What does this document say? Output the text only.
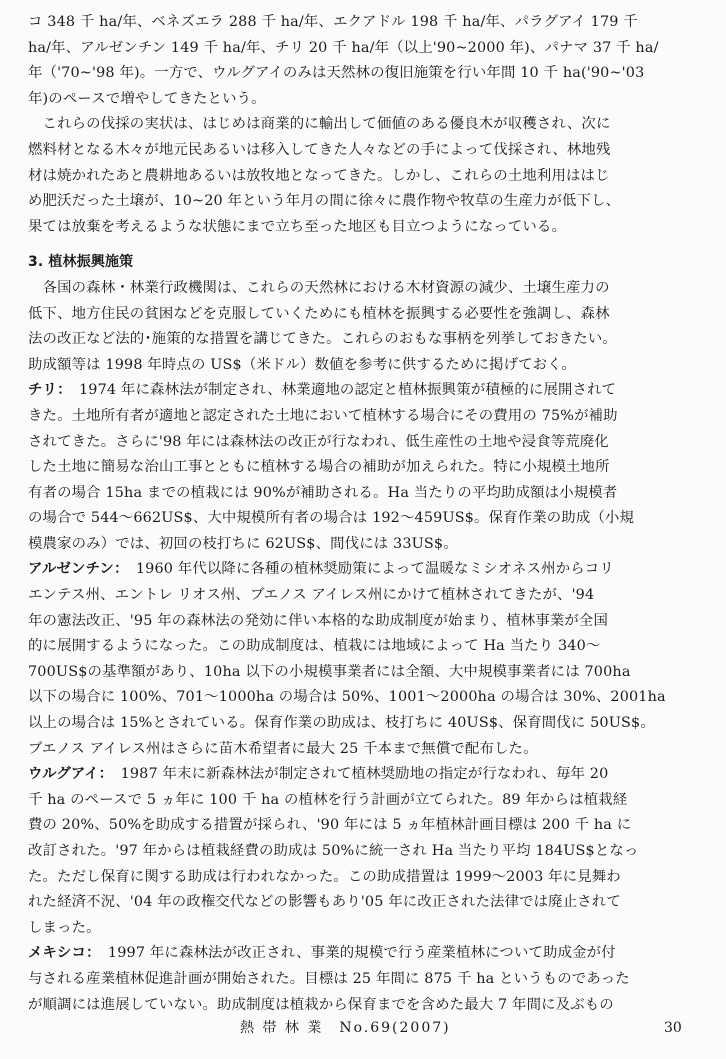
コ 348 千 ha/年、ベネズエラ 288 千 ha/年、エクアドル 198 千 ha/年、パラグアイ 179 千
ha/年、アルゼンチン 149 千 ha/年、チリ 20 千 ha/年（以上'90~2000 年)、パナマ 37 千 ha/
年（'70~'98 年)。一方で、ウルグアイのみは天然林の復旧施策を行い年間 10 千 ha('90~'03
年)のペースで増やしてきたという。
　これらの伐採の実状は、はじめは商業的に輸出して価値のある優良木が収穫され、次に
燃料材となる木々が地元民あるいは移入してきた人々などの手によって伐採され、林地残
材は焼かれたあと農耕地あるいは放牧地となってきた。しかし、これらの土地利用ははじ
め肥沃だった土壌が、10~20 年という年月の間に徐々に農作物や牧草の生産力が低下し、
果ては放棄を考えるような状態にまで立ち至った地区も目立つようになっている。
3. 植林振興施策
　各国の森林・林業行政機関は、これらの天然林における木材資源の減少、土壌生産力の
低下、地方住民の貧困などを克服していくためにも植林を振興する必要性を強調し、森林
法の改正など法的･施策的な措置を講じてきた。これらのおもな事柄を列挙しておきたい。
助成額等は 1998 年時点の US$（米ドル）数値を参考に供するために掲げておく。
チリ：　1974 年に森林法が制定され、林業適地の認定と植林振興策が積極的に展開されて
きた。土地所有者が適地と認定された土地において植林する場合にその費用の 75%が補助
されてきた。さらに'98 年には森林法の改正が行なわれ、低生産性の土地や浸食等荒廃化
した土地に簡易な治山工事とともに植林する場合の補助が加えられた。特に小規模土地所
有者の場合 15ha までの植栽には 90%が補助される。Ha 当たりの平均助成額は小規模者
の場合で 544～662US$、大中規模所有者の場合は 192～459US$。保育作業の助成（小規
模農家のみ）では、初回の枝打ちに 62US$、間伐には 33US$。
アルゼンチン：　1960 年代以降に各種の植林奨励策によって温暖なミシオネス州からコリ
エンテス州、エントレ リオス州、ブエノス アイレス州にかけて植林されてきたが、'94
年の憲法改正、'95 年の森林法の発効に伴い本格的な助成制度が始まり、植林事業が全国
的に展開するようになった。この助成制度は、植栽には地域によって Ha 当たり 340～
700US$の基準額があり、10ha 以下の小規模事業者には全額、大中規模事業者には 700ha
以下の場合に 100%、701～1000ha の場合は 50%、1001～2000ha の場合は 30%、2001ha
以上の場合は 15%とされている。保育作業の助成は、枝打ちに 40US$、保育間伐に 50US$。
ブエノス アイレス州はさらに苗木希望者に最大 25 千本まで無償で配布した。
ウルグアイ：　1987 年末に新森林法が制定されて植林奨励地の指定が行なわれ、毎年 20
千 ha のペースで 5 ヵ年に 100 千 ha の植林を行う計画が立てられた。89 年からは植栽経
費の 20%、50%を助成する措置が採られ、'90 年には 5 ヵ年植林計画目標は 200 千 ha に
改訂された。'97 年からは植栽経費の助成は 50%に統一され Ha 当たり平均 184US$となっ
た。ただし保育に関する助成は行われなかった。この助成措置は 1999～2003 年に見舞わ
れた経済不況、'04 年の政権交代などの影響もあり'05 年に改正された法律では廃止されて
しまった。
メキシコ：　1997 年に森林法が改正され、事業的規模で行う産業植林について助成金が付
与される産業植林促進計画が開始された。目標は 25 年間に 875 千 ha というものであった
が順調には進展していない。助成制度は植栽から保育までを含めた最大 7 年間に及ぶもの
熱 帯 林 業　No.69(2007)	30
